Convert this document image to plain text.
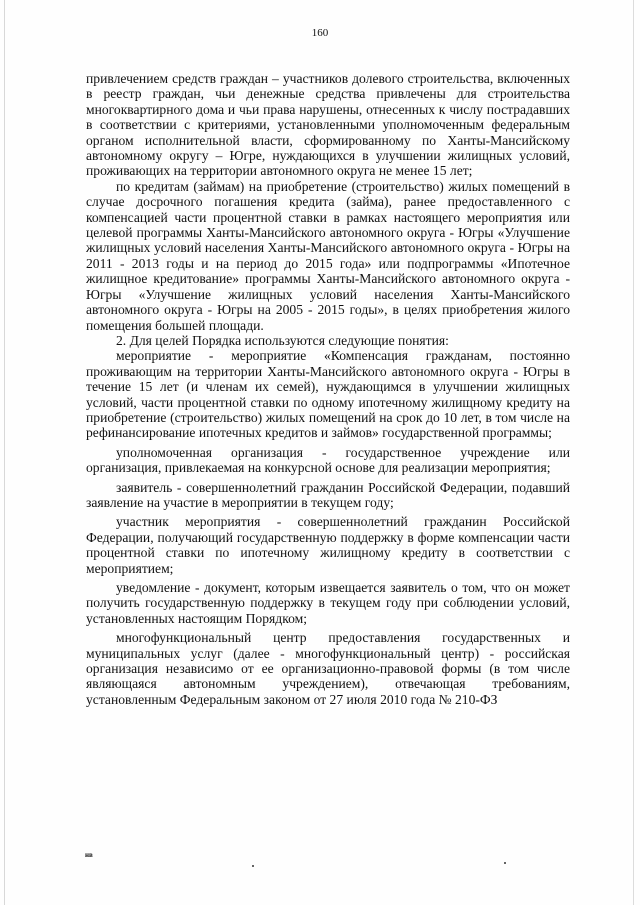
160

привлечением средств граждан – участников долевого строительства, включенных в реестр граждан, чьи денежные средства привлечены для строительства многоквартирного дома и чьи права нарушены, отнесенных к числу пострадавших в соответствии с критериями, установленными уполномоченным федеральным органом исполнительной власти, сформированному по Ханты-Мансийскому автономному округу – Югре, нуждающихся в улучшении жилищных условий, проживающих на территории автономного округа не менее 15 лет;

по кредитам (займам) на приобретение (строительство) жилых помещений в случае досрочного погашения кредита (займа), ранее предоставленного с компенсацией части процентной ставки в рамках настоящего мероприятия или целевой программы Ханты-Мансийского автономного округа - Югры «Улучшение жилищных условий населения Ханты-Мансийского автономного округа - Югры на 2011 - 2013 годы и на период до 2015 года» или подпрограммы «Ипотечное жилищное кредитование» программы Ханты-Мансийского автономного округа - Югры «Улучшение жилищных условий населения Ханты-Мансийского автономного округа - Югры на 2005 - 2015 годы», в целях приобретения жилого помещения большей площади.

2. Для целей Порядка используются следующие понятия:

мероприятие - мероприятие «Компенсация гражданам, постоянно проживающим на территории Ханты-Мансийского автономного округа - Югры в течение 15 лет (и членам их семей), нуждающимся в улучшении жилищных условий, части процентной ставки по одному ипотечному жилищному кредиту на приобретение (строительство) жилых помещений на срок до 10 лет, в том числе на рефинансирование ипотечных кредитов и займов» государственной программы;

уполномоченная организация - государственное учреждение или организация, привлекаемая на конкурсной основе для реализации мероприятия;

заявитель - совершеннолетний гражданин Российской Федерации, подавший заявление на участие в мероприятии в текущем году;

участник мероприятия - совершеннолетний гражданин Российской Федерации, получающий государственную поддержку в форме компенсации части процентной ставки по ипотечному жилищному кредиту в соответствии с мероприятием;

уведомление - документ, которым извещается заявитель о том, что он может получить государственную поддержку в текущем году при соблюдении условий, установленных настоящим Порядком;

многофункциональный центр предоставления государственных и муниципальных услуг (далее - многофункциональный центр) - российская организация независимо от ее организационно-правовой формы (в том числе являющаяся автономным учреждением), отвечающая требованиям, установленным Федеральным законом от 27 июля 2010 года № 210-ФЗ

нв
